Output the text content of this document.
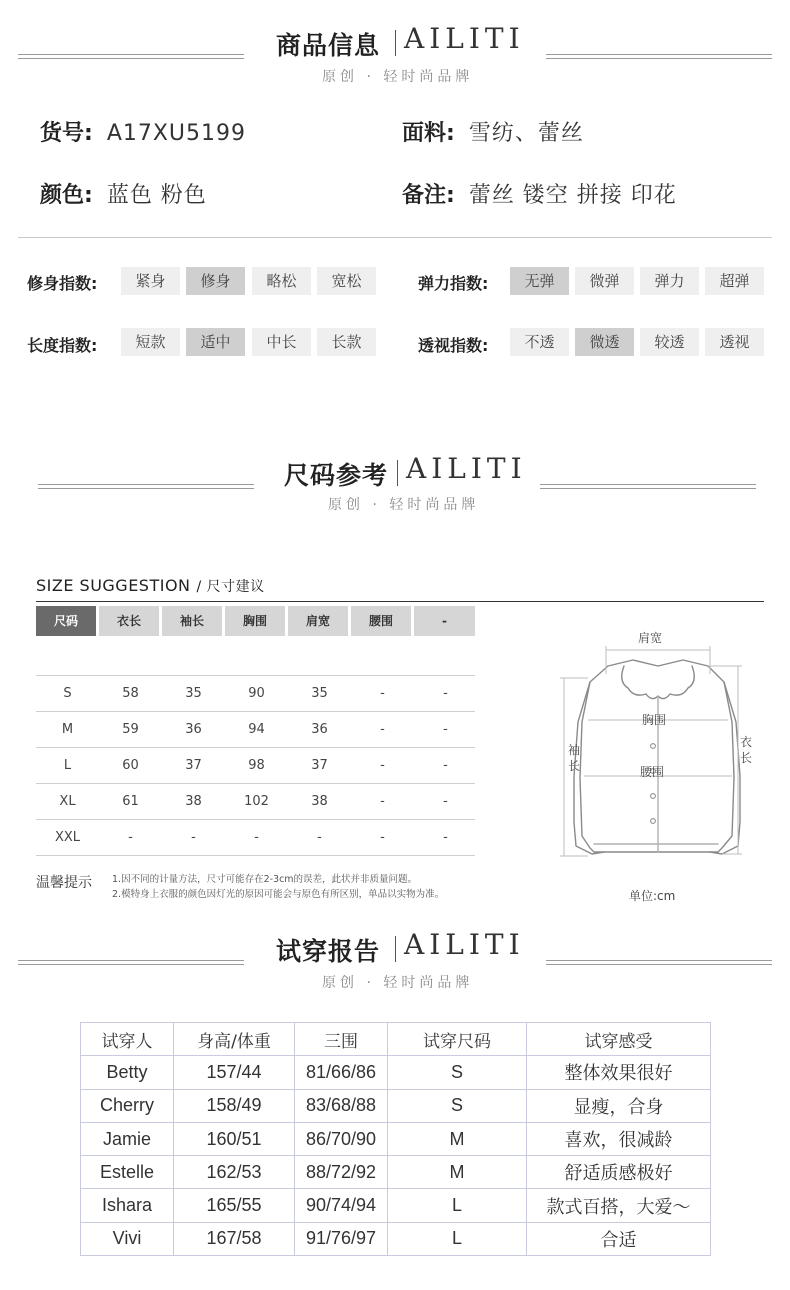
商品信息 AILITI
原创 · 轻时尚品牌
货号: A17XU5199	面料: 雪纺、蕾丝
颜色: 蓝色 粉色	备注: 蕾丝 镂空 拼接 印花
修身指数:	紧身	修身	略松	宽松	弹力指数:	无弹	微弹	弹力	超弹
长度指数:	短款	适中	中长	长款	透视指数:	不透	微透	较透	透视
尺码参考 AILITI
原创 · 轻时尚品牌
SIZE SUGGESTION / 尺寸建议
尺码	衣长	袖长	胸围	肩宽	腰围	-
S	58	35	90	35	-	-
M	59	36	94	36	-	-
L	60	37	98	37	-	-
XL	61	38	102	38	-	-
XXL	-	-	-	-	-	-
温馨提示 1.因不同的计量方法，尺寸可能存在2-3cm的误差，此状并非质量问题。
2.模特身上衣服的颜色因灯光的原因可能会与原色有所区别，单品以实物为准。
肩宽
胸围
腰围
袖
长
衣
长
单位:cm
试穿报告 AILITI
原创 · 轻时尚品牌
试穿人	身高/体重	三围	试穿尺码	试穿感受
Betty	157/44	81/66/86	S	整体效果很好
Cherry	158/49	83/68/88	S	显瘦，合身
Jamie	160/51	86/70/90	M	喜欢，很减龄
Estelle	162/53	88/72/92	M	舒适质感极好
Ishara	165/55	90/74/94	L	款式百搭，大爱～
Vivi	167/58	91/76/97	L	合适
